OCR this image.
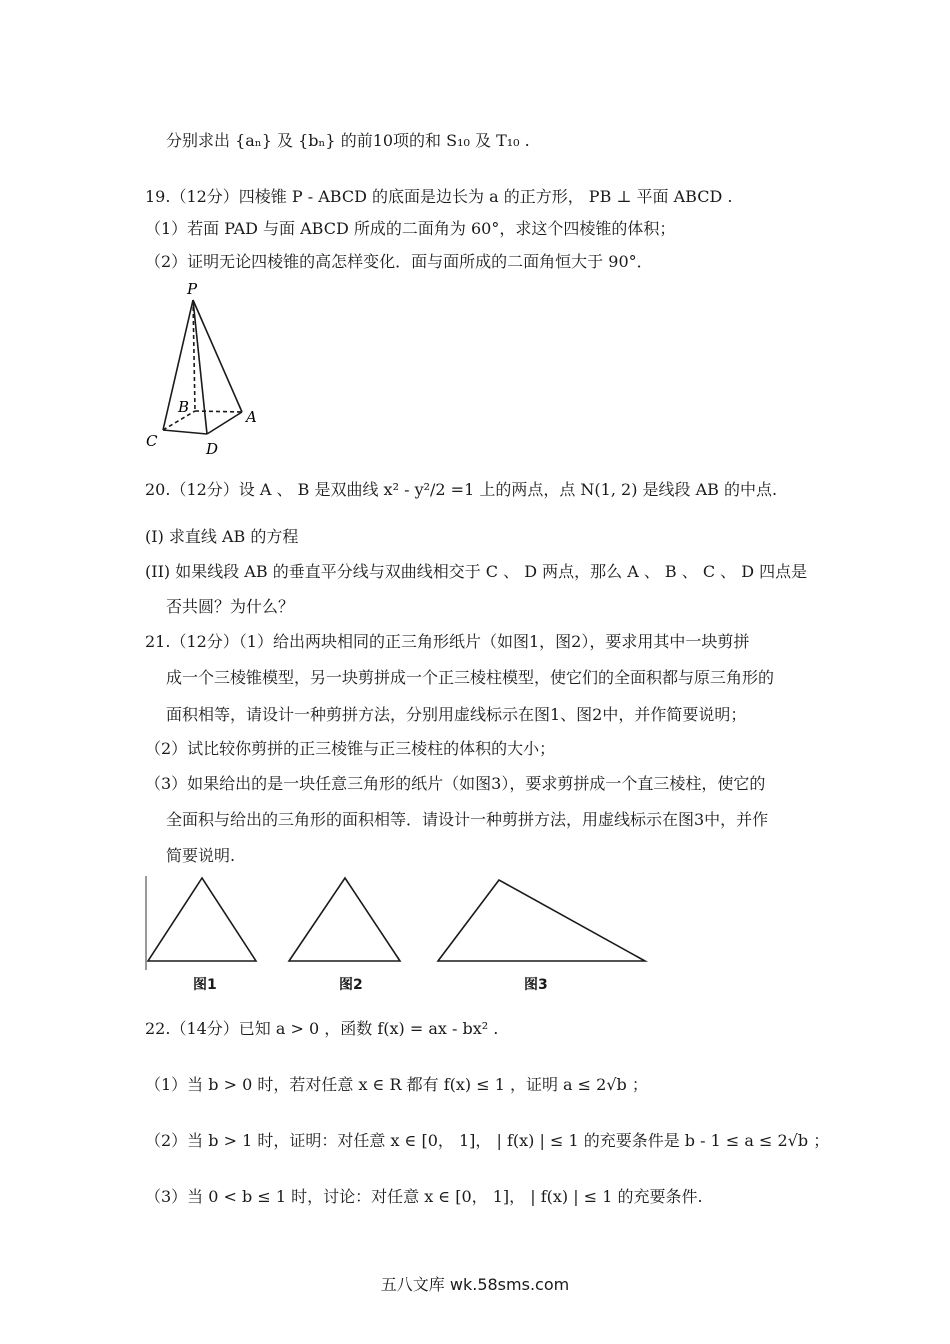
分别求出 {aₙ} 及 {bₙ} 的前10项的和 S₁₀ 及 T₁₀ .
19.（12分）四棱锥 P - ABCD 的底面是边长为 a 的正方形， PB ⊥ 平面 ABCD .
（1）若面 PAD 与面 ABCD 所成的二面角为 60°，求这个四棱锥的体积；
（2）证明无论四棱锥的高怎样变化．面与面所成的二面角恒大于 90°．
P
B
A
C	D
20.（12分）设 A 、 B 是双曲线 x² - y²/2 =1 上的两点，点 N(1, 2) 是线段 AB 的中点.
(I) 求直线 AB 的方程
(II) 如果线段 AB 的垂直平分线与双曲线相交于 C 、 D 两点，那么 A 、 B 、 C 、 D 四点是
否共圆？为什么？
21.（12分）（1）给出两块相同的正三角形纸片（如图1，图2），要求用其中一块剪拼
成一个三棱锥模型，另一块剪拼成一个正三棱柱模型，使它们的全面积都与原三角形的
面积相等，请设计一种剪拼方法，分别用虚线标示在图1、图2中，并作简要说明；
（2）试比较你剪拼的正三棱锥与正三棱柱的体积的大小；
（3）如果给出的是一块任意三角形的纸片（如图3），要求剪拼成一个直三棱柱，使它的
全面积与给出的三角形的面积相等．请设计一种剪拼方法，用虚线标示在图3中，并作
简要说明.
图1	图2	图3
22.（14分）已知 a > 0 ，函数 f(x) = ax - bx² .
（1）当 b > 0 时，若对任意 x ∈ R 都有 f(x) ≤ 1 ，证明 a ≤ 2√b ；
（2）当 b > 1 时，证明：对任意 x ∈ [0， 1]， | f(x) | ≤ 1 的充要条件是 b - 1 ≤ a ≤ 2√b ；
（3）当 0 < b ≤ 1 时，讨论：对任意 x ∈ [0， 1]， | f(x) | ≤ 1 的充要条件.
五八文库 wk.58sms.com
